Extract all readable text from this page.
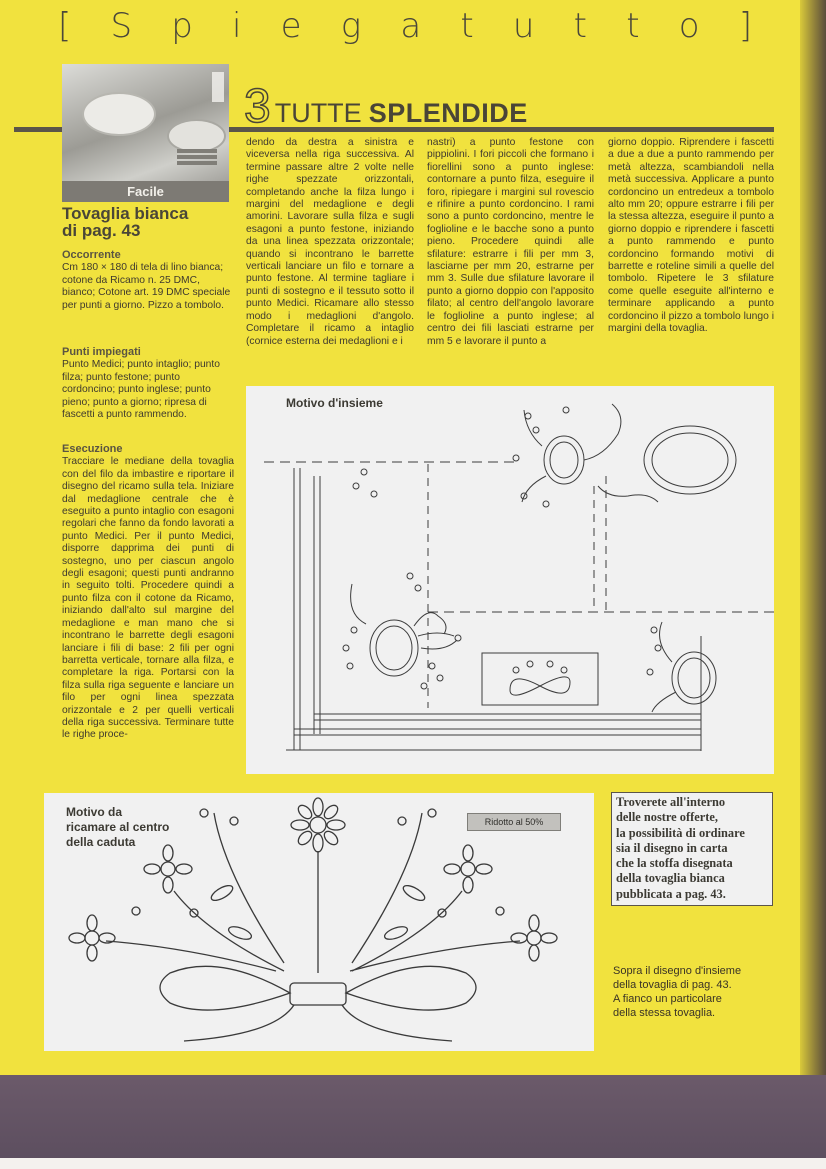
[ S p i e g a t u t t o ]
Facile
Tovaglia bianca
di pag. 43
Occorrente
Cm 180 × 180 di tela di lino bianca; cotone da Ricamo n. 25 DMC, bianco; Cotone art. 19 DMC speciale per punti a giorno. Pizzo a tombolo.
Punti impiegati
Punto Medici; punto intaglio; punto filza; punto festone; punto cordoncino; punto inglese; punto pieno; punto a giorno; ripresa di fascetti a punto rammendo.
Esecuzione
Tracciare le mediane della tovaglia con del filo da imbastire e riportare il disegno del ricamo sulla tela. Iniziare dal medaglione centrale che è eseguito a punto intaglio con esagoni regolari che fanno da fondo lavorati a punto Medici. Per il punto Medici, disporre dapprima dei punti di sostegno, uno per ciascun angolo degli esagoni; questi punti andranno in seguito tolti. Procedere quindi a punto filza con il cotone da Ricamo, iniziando dall'alto sul margine del medaglione e man mano che si incontrano le barrette degli esagoni lanciare i fili di base: 2 fili per ogni barretta verticale, tornare alla filza, e completare la riga. Portarsi con la filza sulla riga seguente e lanciare un filo per ogni linea spezzata orizzontale e 2 per quelli verticali della riga successiva. Terminare tutte le righe proce-
3 TUTTE SPLENDIDE
dendo da destra a sinistra e viceversa nella riga successiva. Al termine passare altre 2 volte nelle righe spezzate orizzontali, completando anche la filza lungo i margini del medaglione e degli amorini. Lavorare sulla filza e sugli esagoni a punto festone, iniziando da una linea spezzata orizzontale; quando si incontrano le barrette verticali lanciare un filo e tornare a punto festone. Al termine tagliare i punti di sostegno e il tessuto sotto il punto Medici. Ricamare allo stesso modo i medaglioni d'angolo. Completare il ricamo a intaglio (cornice esterna dei medaglioni e i
nastri) a punto festone con pippiolini. I fori piccoli che formano i fiorellini sono a punto inglese: contornare a punto filza, eseguire il foro, ripiegare i margini sul rovescio e rifinire a punto cordoncino. I rami sono a punto cordoncino, mentre le foglioline e le bacche sono a punto pieno. Procedere quindi alle sfilature: estrarre i fili per mm 3, lasciarne per mm 20, estrarne per mm 3. Sulle due sfilature lavorare il punto a giorno doppio con l'apposito filato; al centro dell'angolo lavorare le foglioline a punto inglese; al centro dei fili lasciati estrarne per mm 5 e lavorare il punto a
giorno doppio. Riprendere i fascetti a due a due a punto rammendo per metà altezza, scambiandoli nella metà successiva. Applicare a punto cordoncino un entredeux a tombolo alto mm 20; oppure estrarre i fili per la stessa altezza, eseguire il punto a giorno doppio e riprendere i fascetti a punto rammendo e punto cordoncino formando motivi di barrette e roteline simili a quelle del tombolo. Ripetere le 3 sfilature come quelle eseguite all'interno e terminare applicando a punto cordoncino il pizzo a tombolo lungo i margini della tovaglia.
Motivo d'insieme
Motivo da
ricamare al centro
della caduta
Ridotto al 50%
Troverete all'interno
delle nostre offerte,
la possibilità di ordinare
sia il disegno in carta
che la stoffa disegnata
della tovaglia bianca
pubblicata a pag. 43.
Sopra il disegno d'insieme
della tovaglia di pag. 43.
A fianco un particolare
della stessa tovaglia.
